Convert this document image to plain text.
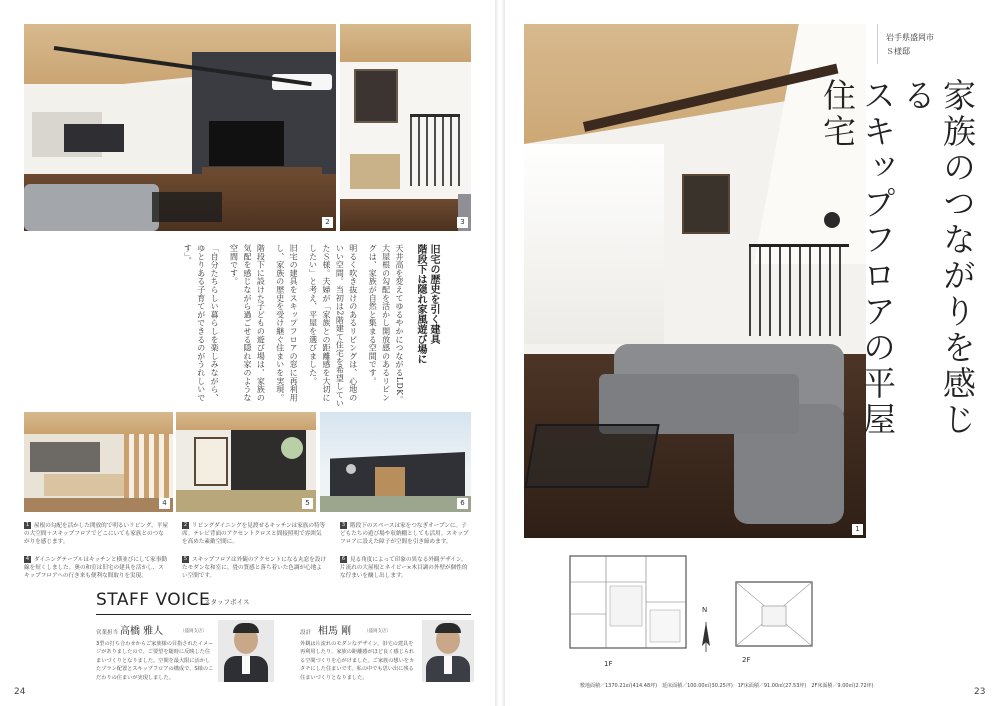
2	3
旧宅の歴史を引く建具
階段下は隠れ家風遊び場に

天井高を変えてゆるやかにつながるLDK。大屋根の勾配を活かし開放感のあるリビングは、家族が自然と集まる空間です。

明るく吹き抜けのあるリビングは、心地のいい空間。当初は2階建て住宅を希望していたＳ様。夫婦が「家族との距離感を大切にしたい」と考え、平屋を選びました。

旧宅の建具をスキップフロアの窓に再利用し、家族の歴史を受け継ぐ住まいを実現。

階段下に設けた子どもの遊び場は、家族の気配を感じながら過ごせる隠れ家のような空間です。

「自分たちらしい暮らしを楽しみながら、ゆとりある子育てができるのがうれしいです」。

4	5	6
1 屋根の勾配を活かした開放的で明るいリビング。平屋の大空間＋スキップフロアでどこにいても家族とのつながりを感じます。
2 リビングダイニングを見渡せるキッチンは家族の特等席。テレビ背面のアクセントクロスと間接照明で雰囲気を高めた素敵空間に。
3 階段下のスペースは家をつなぎオープンに。子どもたちの遊び場や収納棚としても活用。スキップフロアに設えた障子が空間を引き締めます。
4 ダイニングテーブルはキッチンと横並びにして家事動線を短くしました。奥の和室は旧宅の建具を活かし、スキップフロアへの行き来も便利な間取りを実現。
5 スキップフロアは外観のアクセントになる丸窓を設けたモダンな和室に。畳の質感と落ち着いた色調が心地よい空間です。
6 見る角度によって印象の異なる外観デザイン。片流れの大屋根とネイビー×木目調の外壁が個性的な佇まいを醸し出します。
STAFF VOICE
スタッフボイス
営業担当 高橋 雅人	（盛岡支店）
3型の打ち合わせからご家族様の目指されたイメージがありましたので、ご要望を随時に反映した住まいづくりとなりました。空間を最大限に活かしたプラン配置とスキップフロアの構成で、S様のこだわりの住まいが実現しました。
設計 相馬 剛	（盛岡支店）
外観は片流れのモダンなデザイン。旧宅の建具を再利用したり、家族の距離感がほど良く感じられる空間づくりを心がけました。ご家族の想いをカタチにした住まいです。私の中でも思い出に残る住まいづくりとなりました。
24
1
岩手県盛岡市
Ｓ様邸
家族のつながりを感じる
スキップフロアの平屋住宅
1F
N
2F
敷地面積／1370.21㎡(414.48坪)　延床面積／100.00㎡(30.25坪)　1F床面積／91.00㎡(27.53坪)　2F床面積／9.00㎡(2.72坪)
23
